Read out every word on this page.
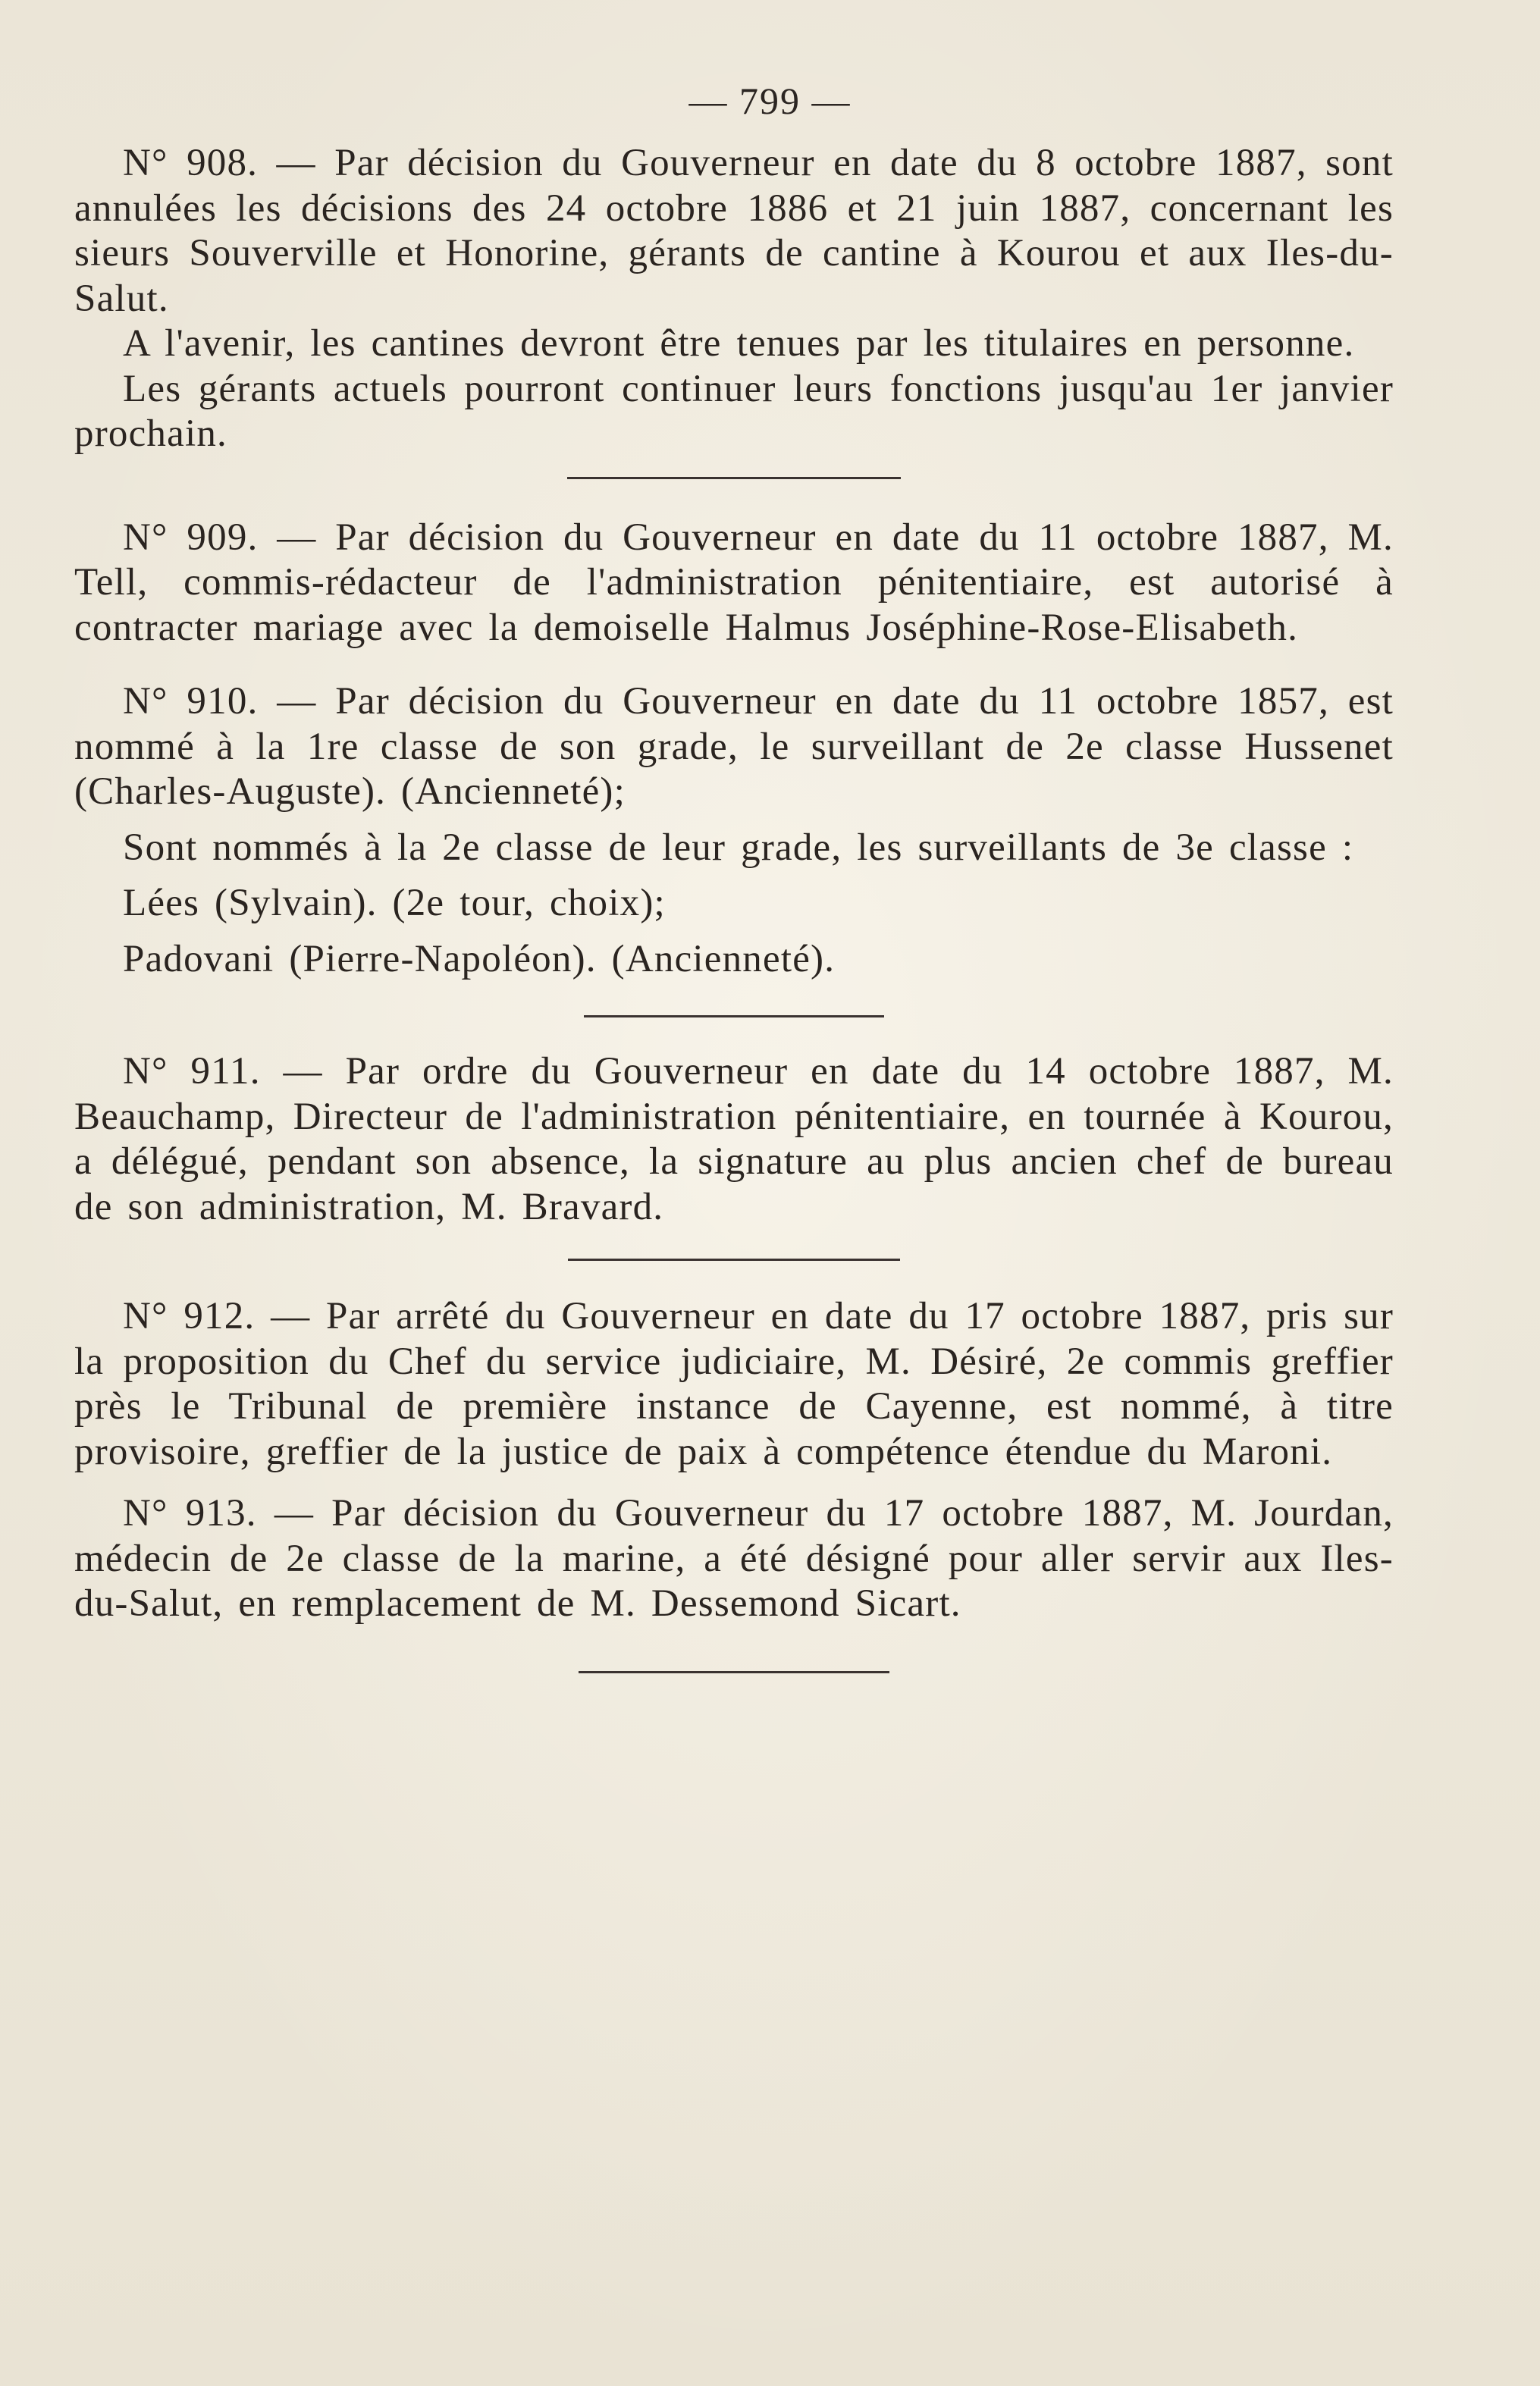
— 799 —

N° 908. — Par décision du Gouverneur en date du 8 octobre 1887, sont annulées les décisions des 24 octobre 1886 et 21 juin 1887, concernant les sieurs Souverville et Honorine, gérants de cantine à Kourou et aux Iles-du-Salut.

A l'avenir, les cantines devront être tenues par les titulaires en personne.

Les gérants actuels pourront continuer leurs fonctions jusqu'au 1er janvier prochain.

N° 909. — Par décision du Gouverneur en date du 11 octobre 1887, M. Tell, commis-rédacteur de l'administration pénitentiaire, est autorisé à contracter mariage avec la demoiselle Halmus Joséphine-Rose-Elisabeth.

N° 910. — Par décision du Gouverneur en date du 11 octobre 1857, est nommé à la 1re classe de son grade, le surveillant de 2e classe Hussenet (Charles-Auguste). (Ancienneté);

Sont nommés à la 2e classe de leur grade, les surveillants de 3e classe :

Lées (Sylvain). (2e tour, choix);

Padovani (Pierre-Napoléon). (Ancienneté).

N° 911. — Par ordre du Gouverneur en date du 14 octobre 1887, M. Beauchamp, Directeur de l'administration pénitentiaire, en tournée à Kourou, a délégué, pendant son absence, la signature au plus ancien chef de bureau de son administration, M. Bravard.

N° 912. — Par arrêté du Gouverneur en date du 17 octobre 1887, pris sur la proposition du Chef du service judiciaire, M. Désiré, 2e commis greffier près le Tribunal de première instance de Cayenne, est nommé, à titre provisoire, greffier de la justice de paix à compétence étendue du Maroni.

N° 913. — Par décision du Gouverneur du 17 octobre 1887, M. Jourdan, médecin de 2e classe de la marine, a été désigné pour aller servir aux Iles-du-Salut, en remplacement de M. Dessemond Sicart.
